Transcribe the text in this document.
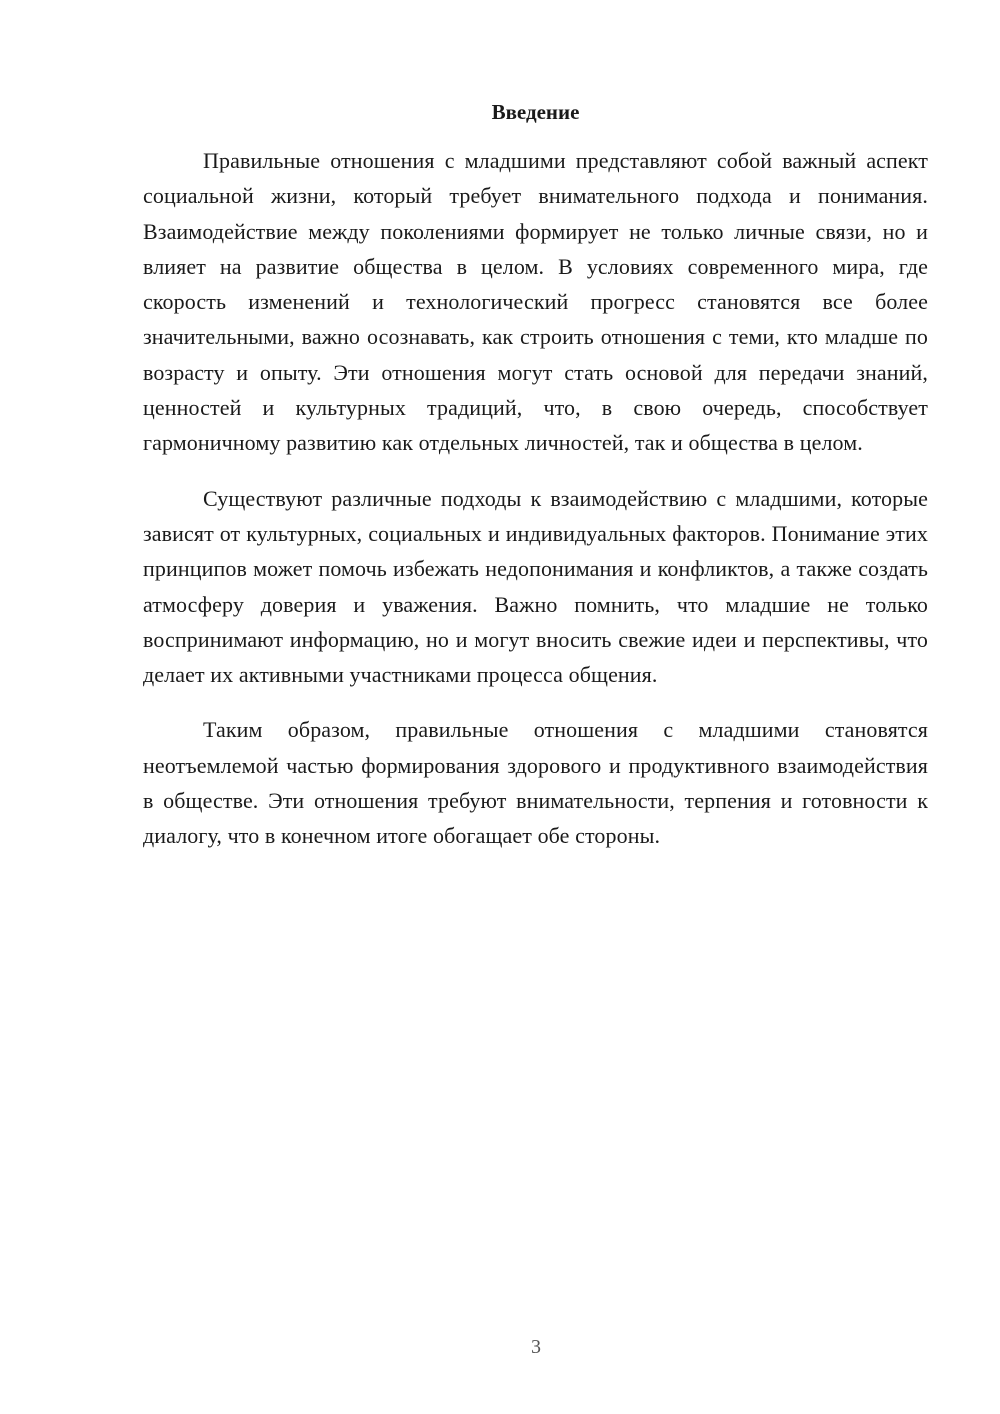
Введение

Правильные отношения с младшими представляют собой важный аспект социальной жизни, который требует внимательного подхода и понимания. Взаимодействие между поколениями формирует не только личные связи, но и влияет на развитие общества в целом. В условиях современного мира, где скорость изменений и технологический прогресс становятся все более значительными, важно осознавать, как строить отношения с теми, кто младше по возрасту и опыту. Эти отношения могут стать основой для передачи знаний, ценностей и культурных традиций, что, в свою очередь, способствует гармоничному развитию как отдельных личностей, так и общества в целом.

Существуют различные подходы к взаимодействию с младшими, которые зависят от культурных, социальных и индивидуальных факторов. Понимание этих принципов может помочь избежать недопонимания и конфликтов, а также создать атмосферу доверия и уважения. Важно помнить, что младшие не только воспринимают информацию, но и могут вносить свежие идеи и перспективы, что делает их активными участниками процесса общения.

Таким образом, правильные отношения с младшими становятся неотъемлемой частью формирования здорового и продуктивного взаимодействия в обществе. Эти отношения требуют внимательности, терпения и готовности к диалогу, что в конечном итоге обогащает обе стороны.

3
